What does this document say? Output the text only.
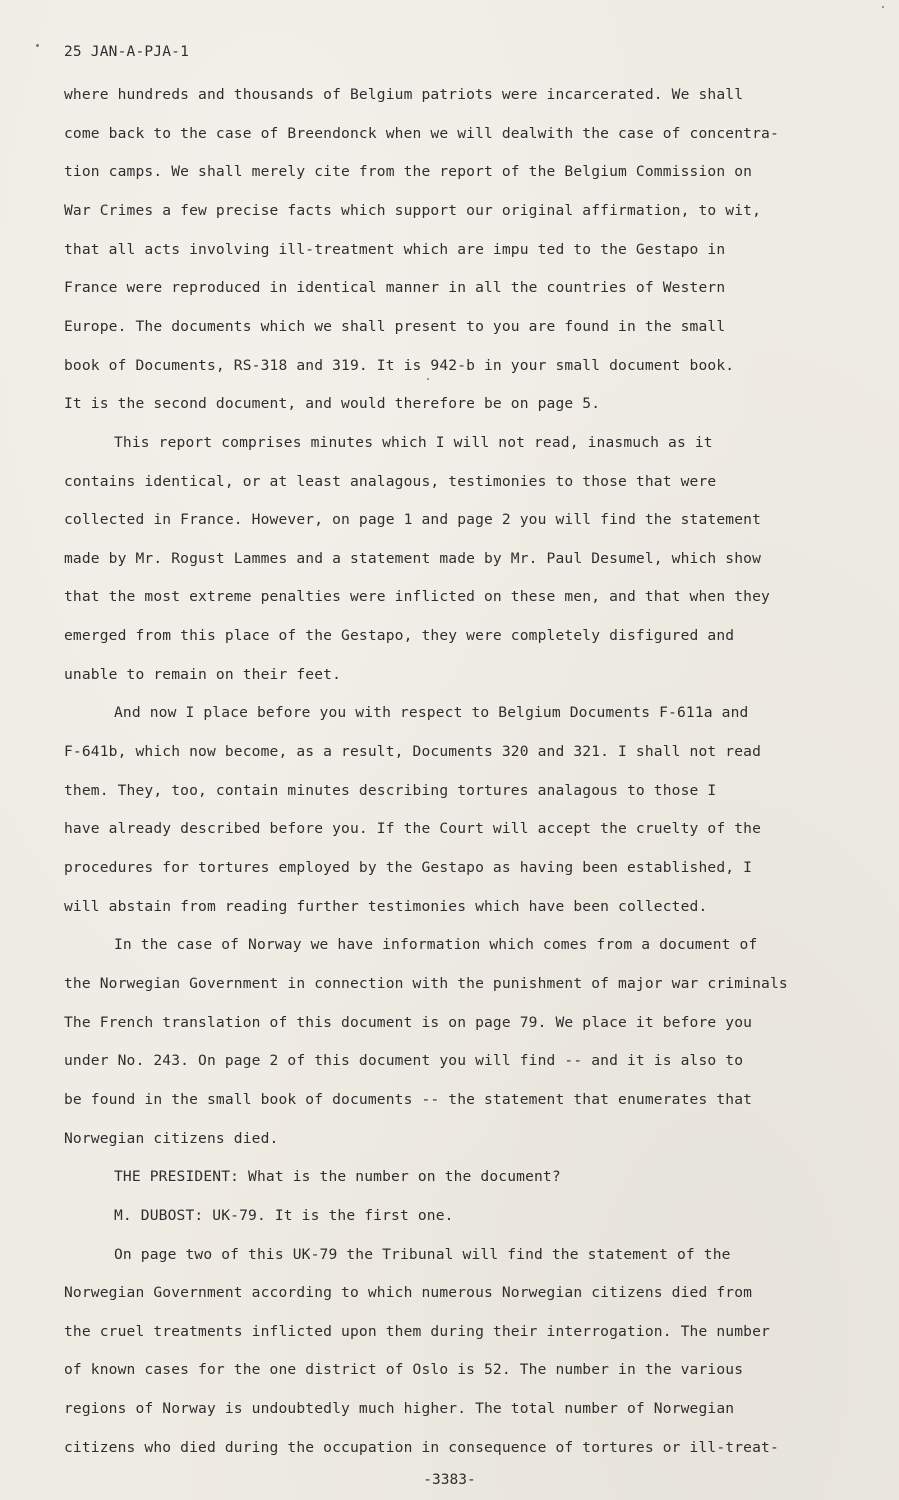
25 JAN-A-PJA-1
where hundreds and thousands of Belgium patriots were incarcerated. We shall
come back to the case of Breendonck when we will dealwith the case of concentra-
tion camps. We shall merely cite from the report of the Belgium Commission on
War Crimes a few precise facts which support our original affirmation, to wit,
that all acts involving ill-treatment which are impu ted to the Gestapo in
France were reproduced in identical manner in all the countries of Western
Europe. The documents which we shall present to you are found in the small
book of Documents, RS-318 and 319. It is 942-b in your small document book.
It is the second document, and would therefore be on page 5.
This report comprises minutes which I will not read, inasmuch as it
contains identical, or at least analagous, testimonies to those that were
collected in France. However, on page 1 and page 2 you will find the statement
made by Mr. Rogust Lammes and a statement made by Mr. Paul Desumel, which show
that the most extreme penalties were inflicted on these men, and that when they
emerged from this place of the Gestapo, they were completely disfigured and
unable to remain on their feet.
And now I place before you with respect to Belgium Documents F-611a and
F-641b, which now become, as a result, Documents 320 and 321. I shall not read
them. They, too, contain minutes describing tortures analagous to those I
have already described before you. If the Court will accept the cruelty of the
procedures for tortures employed by the Gestapo as having been established, I
will abstain from reading further testimonies which have been collected.
In the case of Norway we have information which comes from a document of
the Norwegian Government in connection with the punishment of major war criminals
The French translation of this document is on page 79. We place it before you
under No. 243. On page 2 of this document you will find -- and it is also to
be found in the small book of documents -- the statement that enumerates that
Norwegian citizens died.
THE PRESIDENT: What is the number on the document?
M. DUBOST: UK-79. It is the first one.
On page two of this UK-79 the Tribunal will find the statement of the
Norwegian Government according to which numerous Norwegian citizens died from
the cruel treatments inflicted upon them during their interrogation. The number
of known cases for the one district of Oslo is 52. The number in the various
regions of Norway is undoubtedly much higher. The total number of Norwegian
citizens who died during the occupation in consequence of tortures or ill-treat-
-3383-
